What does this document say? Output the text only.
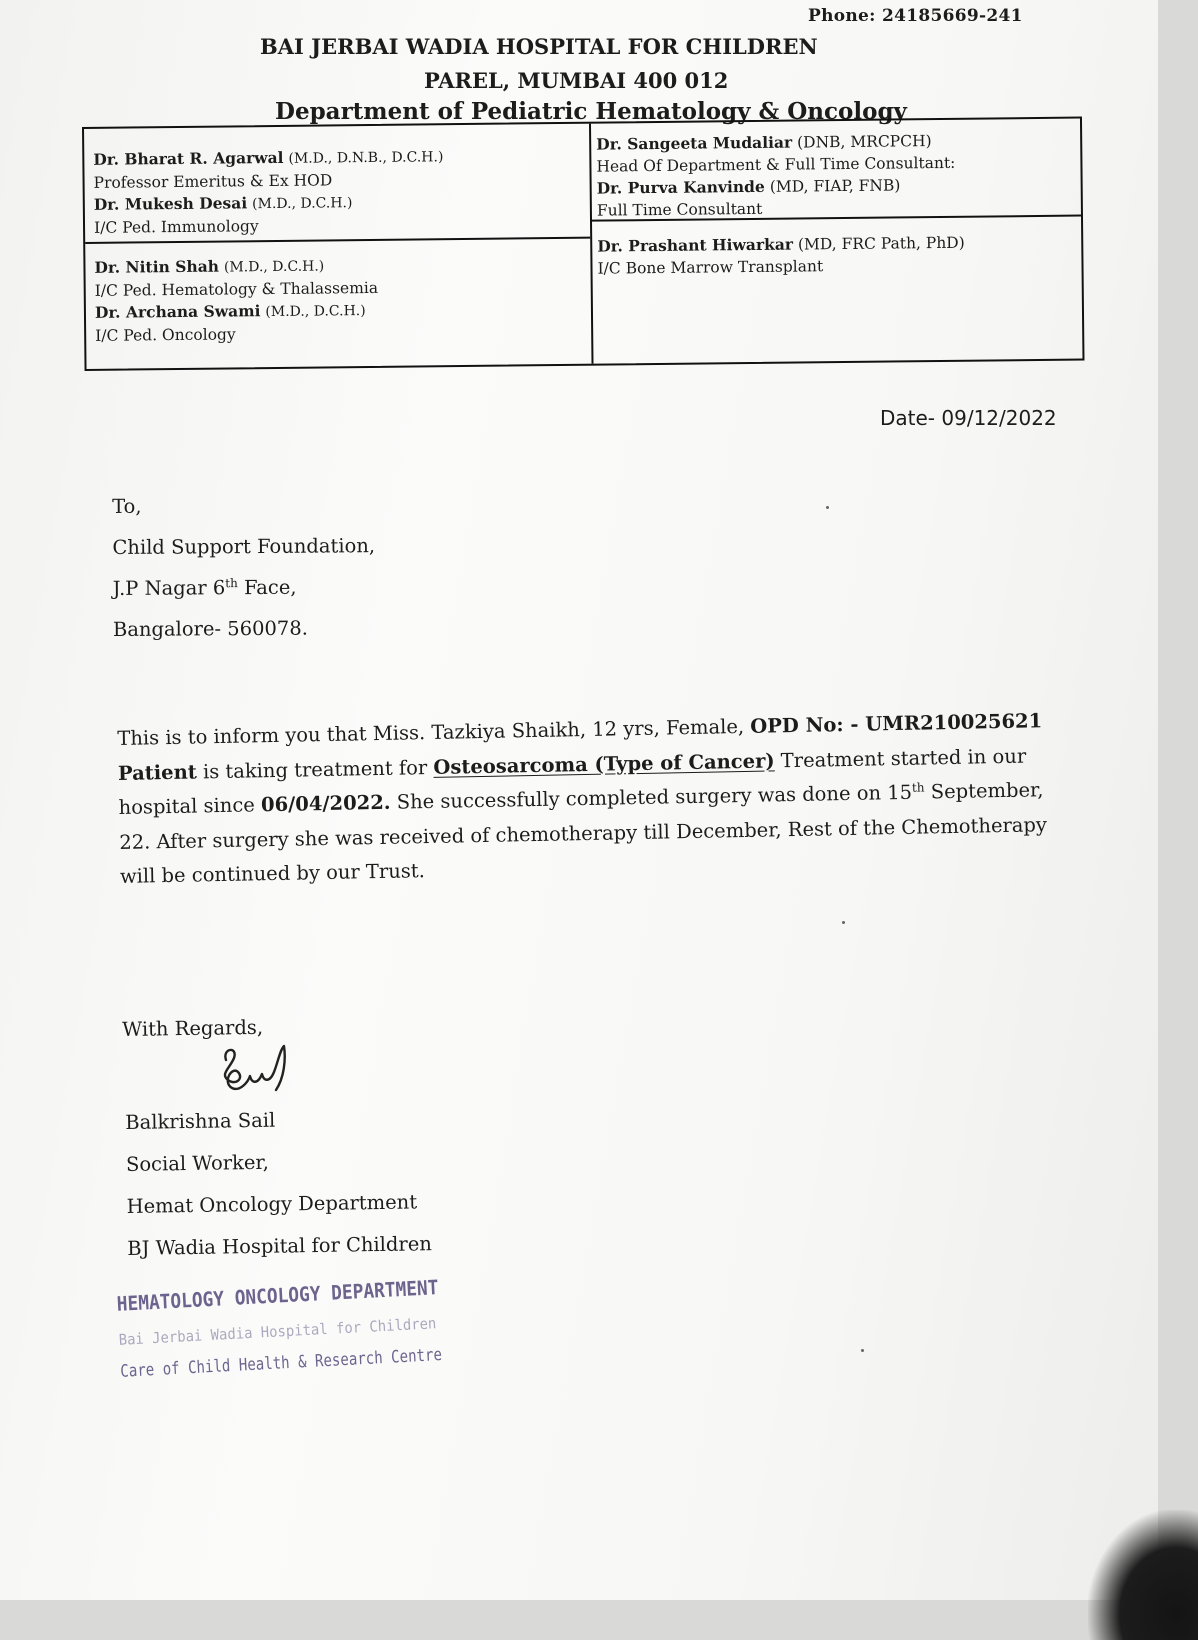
Phone: 24185669-241
BAI JERBAI WADIA HOSPITAL FOR CHILDREN
PAREL, MUMBAI 400 012
Department of Pediatric Hematology & Oncology
Dr. Bharat R. Agarwal (M.D., D.N.B., D.C.H.)
Professor Emeritus & Ex HOD
Dr. Mukesh Desai (M.D., D.C.H.)
I/C Ped. Immunology
Dr. Sangeeta Mudaliar (DNB, MRCPCH)
Head Of Department & Full Time Consultant:
Dr. Purva Kanvinde (MD, FIAP, FNB)
Full Time Consultant
Dr. Nitin Shah (M.D., D.C.H.)
I/C Ped. Hematology & Thalassemia
Dr. Archana Swami (M.D., D.C.H.)
I/C Ped. Oncology
Dr. Prashant Hiwarkar (MD, FRC Path, PhD)
I/C Bone Marrow Transplant
Date- 09/12/2022
To,
Child Support Foundation,
J.P Nagar 6th Face,
Bangalore- 560078.
This is to inform you that Miss. Tazkiya Shaikh, 12 yrs, Female, OPD No: - UMR210025621
Patient is taking treatment for Osteosarcoma (Type of Cancer) Treatment started in our
hospital since 06/04/2022. She successfully completed surgery was done on 15th September,
22. After surgery she was received of chemotherapy till December, Rest of the Chemotherapy
will be continued by our Trust.
With Regards,
Balkrishna Sail
Social Worker,
Hemat Oncology Department
BJ Wadia Hospital for Children
HEMATOLOGY ONCOLOGY DEPARTMENT
Bai Jerbai Wadia Hospital for Children
Care of Child Health & Research Centre
